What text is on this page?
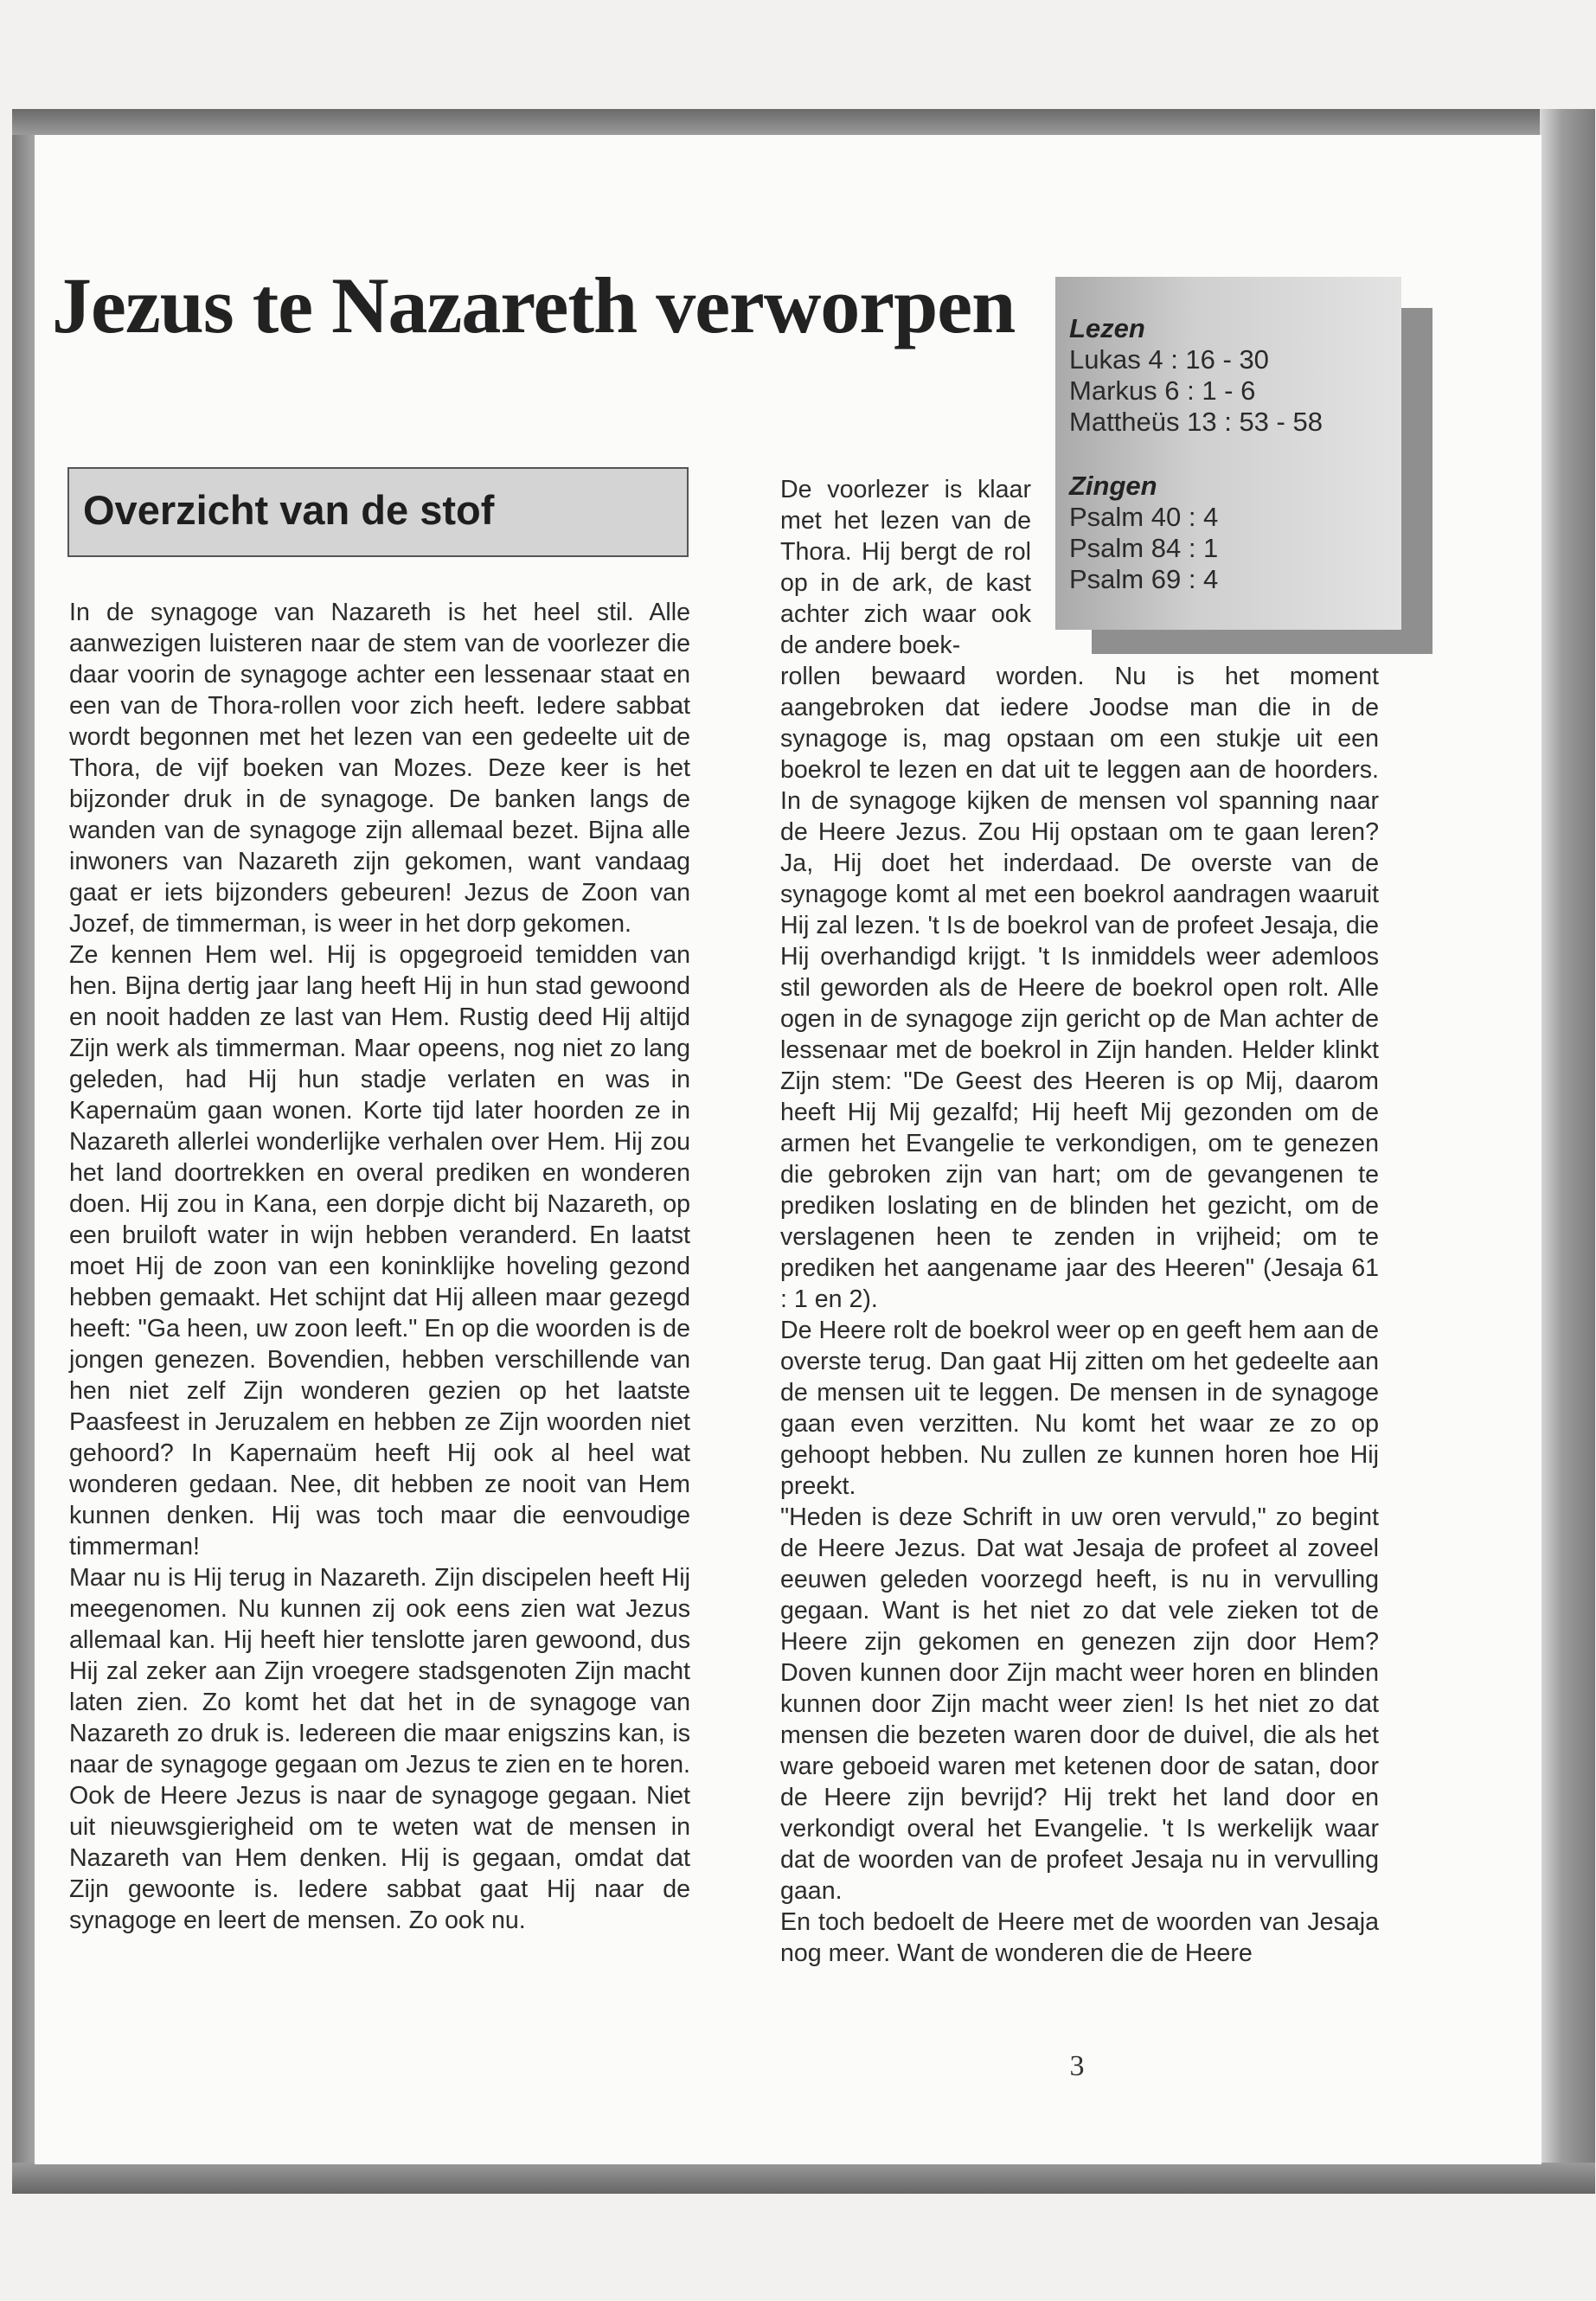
Jezus te Nazareth verworpen
Overzicht van de stof
Lezen
Lukas 4 : 16 - 30
Markus 6 : 1 - 6
Mattheüs 13 : 53 - 58
Zingen
Psalm 40 : 4
Psalm 84 : 1
Psalm 69 : 4

In de synagoge van Nazareth is het heel stil. Alle aanwezigen luisteren naar de stem van de voorlezer die daar voorin de synagoge achter een lessenaar staat en een van de Thora-rollen voor zich heeft. Iedere sabbat wordt begonnen met het lezen van een gedeelte uit de Thora, de vijf boeken van Mozes. Deze keer is het bijzonder druk in de synagoge. De banken langs de wanden van de synagoge zijn allemaal bezet. Bijna alle inwoners van Nazareth zijn gekomen, want vandaag gaat er iets bijzonders gebeuren! Jezus de Zoon van Jozef, de timmerman, is weer in het dorp gekomen.

Ze kennen Hem wel. Hij is opgegroeid temidden van hen. Bijna dertig jaar lang heeft Hij in hun stad gewoond en nooit hadden ze last van Hem. Rustig deed Hij altijd Zijn werk als timmerman. Maar opeens, nog niet zo lang geleden, had Hij hun stadje verlaten en was in Kapernaüm gaan wonen. Korte tijd later hoorden ze in Nazareth allerlei wonderlijke verhalen over Hem. Hij zou het land doortrekken en overal prediken en wonderen doen. Hij zou in Kana, een dorpje dicht bij Nazareth, op een bruiloft water in wijn hebben veranderd. En laatst moet Hij de zoon van een koninklijke hoveling gezond hebben gemaakt. Het schijnt dat Hij alleen maar gezegd heeft: "Ga heen, uw zoon leeft." En op die woorden is de jongen genezen. Bovendien, hebben verschillende van hen niet zelf Zijn wonderen gezien op het laatste Paasfeest in Jeruzalem en hebben ze Zijn woorden niet gehoord? In Kapernaüm heeft Hij ook al heel wat wonderen gedaan. Nee, dit hebben ze nooit van Hem kunnen denken. Hij was toch maar die eenvoudige timmerman!

Maar nu is Hij terug in Nazareth. Zijn discipelen heeft Hij meegenomen. Nu kunnen zij ook eens zien wat Jezus allemaal kan. Hij heeft hier tenslotte jaren gewoond, dus Hij zal zeker aan Zijn vroegere stadsgenoten Zijn macht laten zien. Zo komt het dat het in de synagoge van Nazareth zo druk is. Iedereen die maar enigszins kan, is naar de synagoge gegaan om Jezus te zien en te horen. Ook de Heere Jezus is naar de synagoge gegaan. Niet uit nieuwsgierigheid om te weten wat de mensen in Nazareth van Hem denken. Hij is gegaan, omdat dat Zijn gewoonte is. Iedere sabbat gaat Hij naar de synagoge en leert de mensen. Zo ook nu.

De voorlezer is klaar met het lezen van de Thora. Hij bergt de rol op in de ark, de kast achter zich waar ook de andere boek-

rollen bewaard worden. Nu is het moment aangebroken dat iedere Joodse man die in de synagoge is, mag opstaan om een stukje uit een boekrol te lezen en dat uit te leggen aan de hoorders. In de synagoge kijken de mensen vol spanning naar de Heere Jezus. Zou Hij opstaan om te gaan leren? Ja, Hij doet het inderdaad. De overste van de synagoge komt al met een boekrol aandragen waaruit Hij zal lezen. 't Is de boekrol van de profeet Jesaja, die Hij overhandigd krijgt. 't Is inmiddels weer ademloos stil geworden als de Heere de boekrol open rolt. Alle ogen in de synagoge zijn gericht op de Man achter de lessenaar met de boekrol in Zijn handen. Helder klinkt Zijn stem: "De Geest des Heeren is op Mij, daarom heeft Hij Mij gezalfd; Hij heeft Mij gezonden om de armen het Evangelie te verkondigen, om te genezen die gebroken zijn van hart; om de gevangenen te prediken loslating en de blinden het gezicht, om de verslagenen heen te zenden in vrijheid; om te prediken het aangename jaar des Heeren" (Jesaja 61 : 1 en 2).

De Heere rolt de boekrol weer op en geeft hem aan de overste terug. Dan gaat Hij zitten om het gedeelte aan de mensen uit te leggen. De mensen in de synagoge gaan even verzitten. Nu komt het waar ze zo op gehoopt hebben. Nu zullen ze kunnen horen hoe Hij preekt.

"Heden is deze Schrift in uw oren vervuld," zo begint de Heere Jezus. Dat wat Jesaja de profeet al zoveel eeuwen geleden voorzegd heeft, is nu in vervulling gegaan. Want is het niet zo dat vele zieken tot de Heere zijn gekomen en genezen zijn door Hem? Doven kunnen door Zijn macht weer horen en blinden kunnen door Zijn macht weer zien! Is het niet zo dat mensen die bezeten waren door de duivel, die als het ware geboeid waren met ketenen door de satan, door de Heere zijn bevrijd? Hij trekt het land door en verkondigt overal het Evangelie. 't Is werkelijk waar dat de woorden van de profeet Jesaja nu in vervulling gaan.

En toch bedoelt de Heere met de woorden van Jesaja nog meer. Want de wonderen die de Heere

3
